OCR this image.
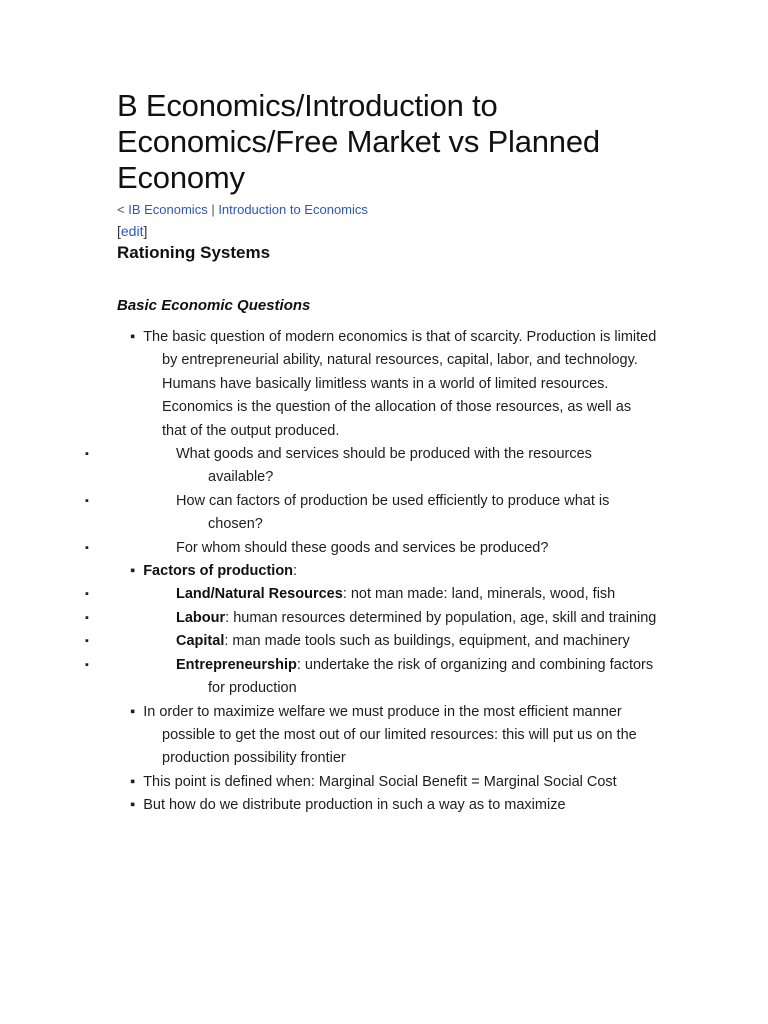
B Economics/Introduction to Economics/Free Market vs Planned Economy
< IB Economics | Introduction to Economics
[edit]
Rationing Systems
Basic Economic Questions
▪ The basic question of modern economics is that of scarcity. Production is limited by entrepreneurial ability, natural resources, capital, labor, and technology. Humans have basically limitless wants in a world of limited resources. Economics is the question of the allocation of those resources, as well as that of the output produced.
▪	What goods and services should be produced with the resources available?
▪	How can factors of production be used efficiently to produce what is chosen?
▪	For whom should these goods and services be produced?
▪ Factors of production:
▪	Land/Natural Resources: not man made: land, minerals, wood, fish
▪	Labour: human resources determined by population, age, skill and training
▪	Capital: man made tools such as buildings, equipment, and machinery
▪	Entrepreneurship: undertake the risk of organizing and combining factors for production
▪ In order to maximize welfare we must produce in the most efficient manner possible to get the most out of our limited resources: this will put us on the production possibility frontier
▪ This point is defined when: Marginal Social Benefit = Marginal Social Cost
▪ But how do we distribute production in such a way as to maximize
